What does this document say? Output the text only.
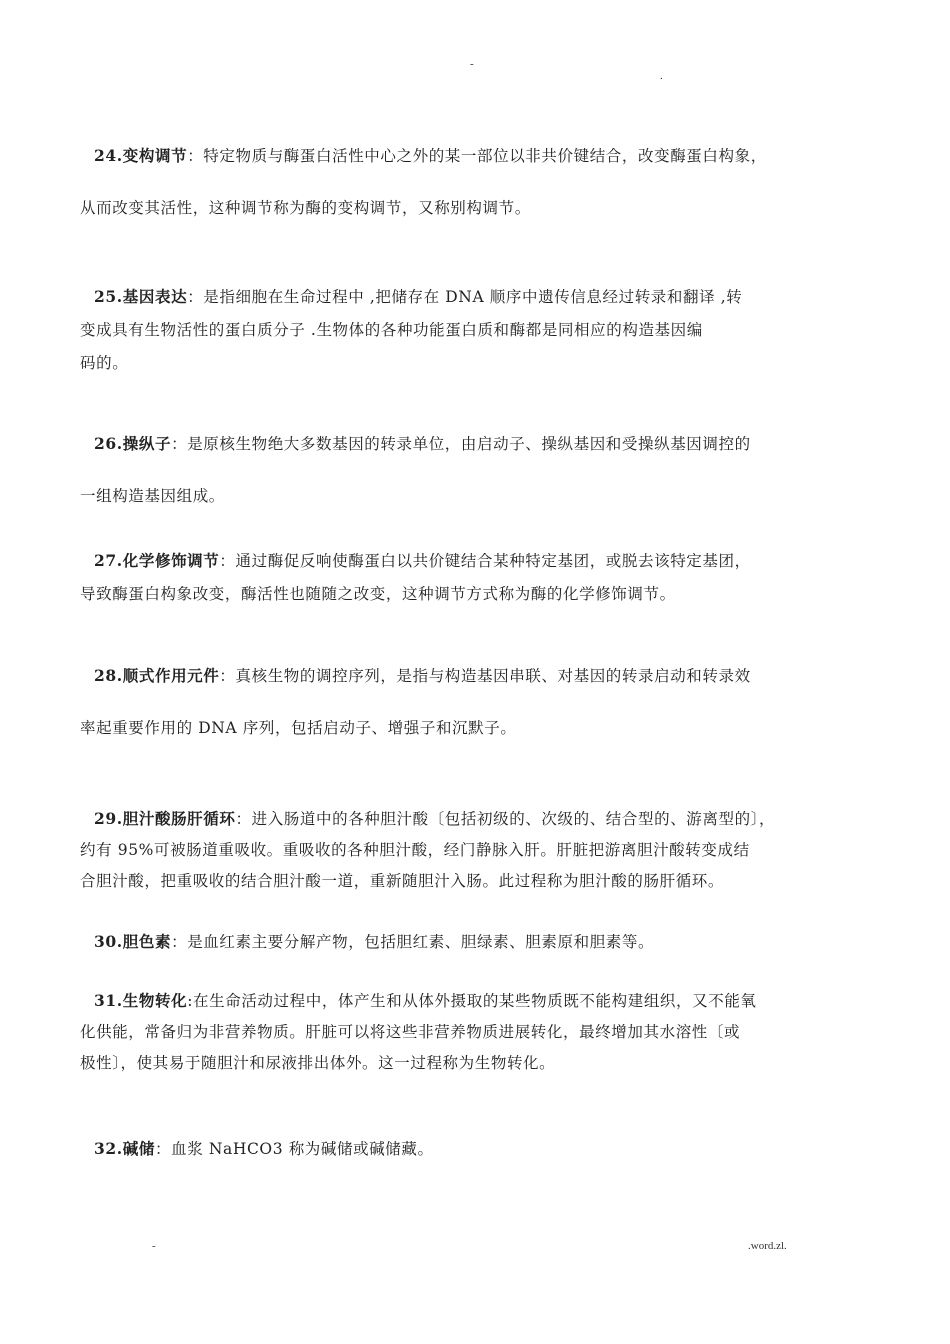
-
.
24.变构调节：特定物质与酶蛋白活性中心之外的某一部位以非共价键结合，改变酶蛋白构象，
从而改变其活性，这种调节称为酶的变构调节，又称别构调节。
25.基因表达：是指细胞在生命过程中 ,把储存在 DNA 顺序中遗传信息经过转录和翻译 ,转
变成具有生物活性的蛋白质分子 .生物体的各种功能蛋白质和酶都是同相应的构造基因编
码的。
26.操纵子：是原核生物绝大多数基因的转录单位，由启动子、操纵基因和受操纵基因调控的
一组构造基因组成。
27.化学修饰调节：通过酶促反响使酶蛋白以共价键结合某种特定基团，或脱去该特定基团，
导致酶蛋白构象改变，酶活性也随随之改变，这种调节方式称为酶的化学修饰调节。
28.顺式作用元件：真核生物的调控序列，是指与构造基因串联、对基因的转录启动和转录效
率起重要作用的 DNA 序列，包括启动子、增强子和沉默子。
29.胆汁酸肠肝循环：进入肠道中的各种胆汁酸〔包括初级的、次级的、结合型的、游离型的〕，
约有 95%可被肠道重吸收。重吸收的各种胆汁酸，经门静脉入肝。肝脏把游离胆汁酸转变成结
合胆汁酸，把重吸收的结合胆汁酸一道，重新随胆汁入肠。此过程称为胆汁酸的肠肝循环。
30.胆色素：是血红素主要分解产物，包括胆红素、胆绿素、胆素原和胆素等。
31.生物转化:在生命活动过程中，体产生和从体外摄取的某些物质既不能构建组织，又不能氧
化供能，常备归为非营养物质。肝脏可以将这些非营养物质进展转化，最终增加其水溶性〔或
极性〕，使其易于随胆汁和尿液排出体外。这一过程称为生物转化。
32.碱储：血浆 NaHCO3 称为碱储或碱储藏。
-	.word.zl.
